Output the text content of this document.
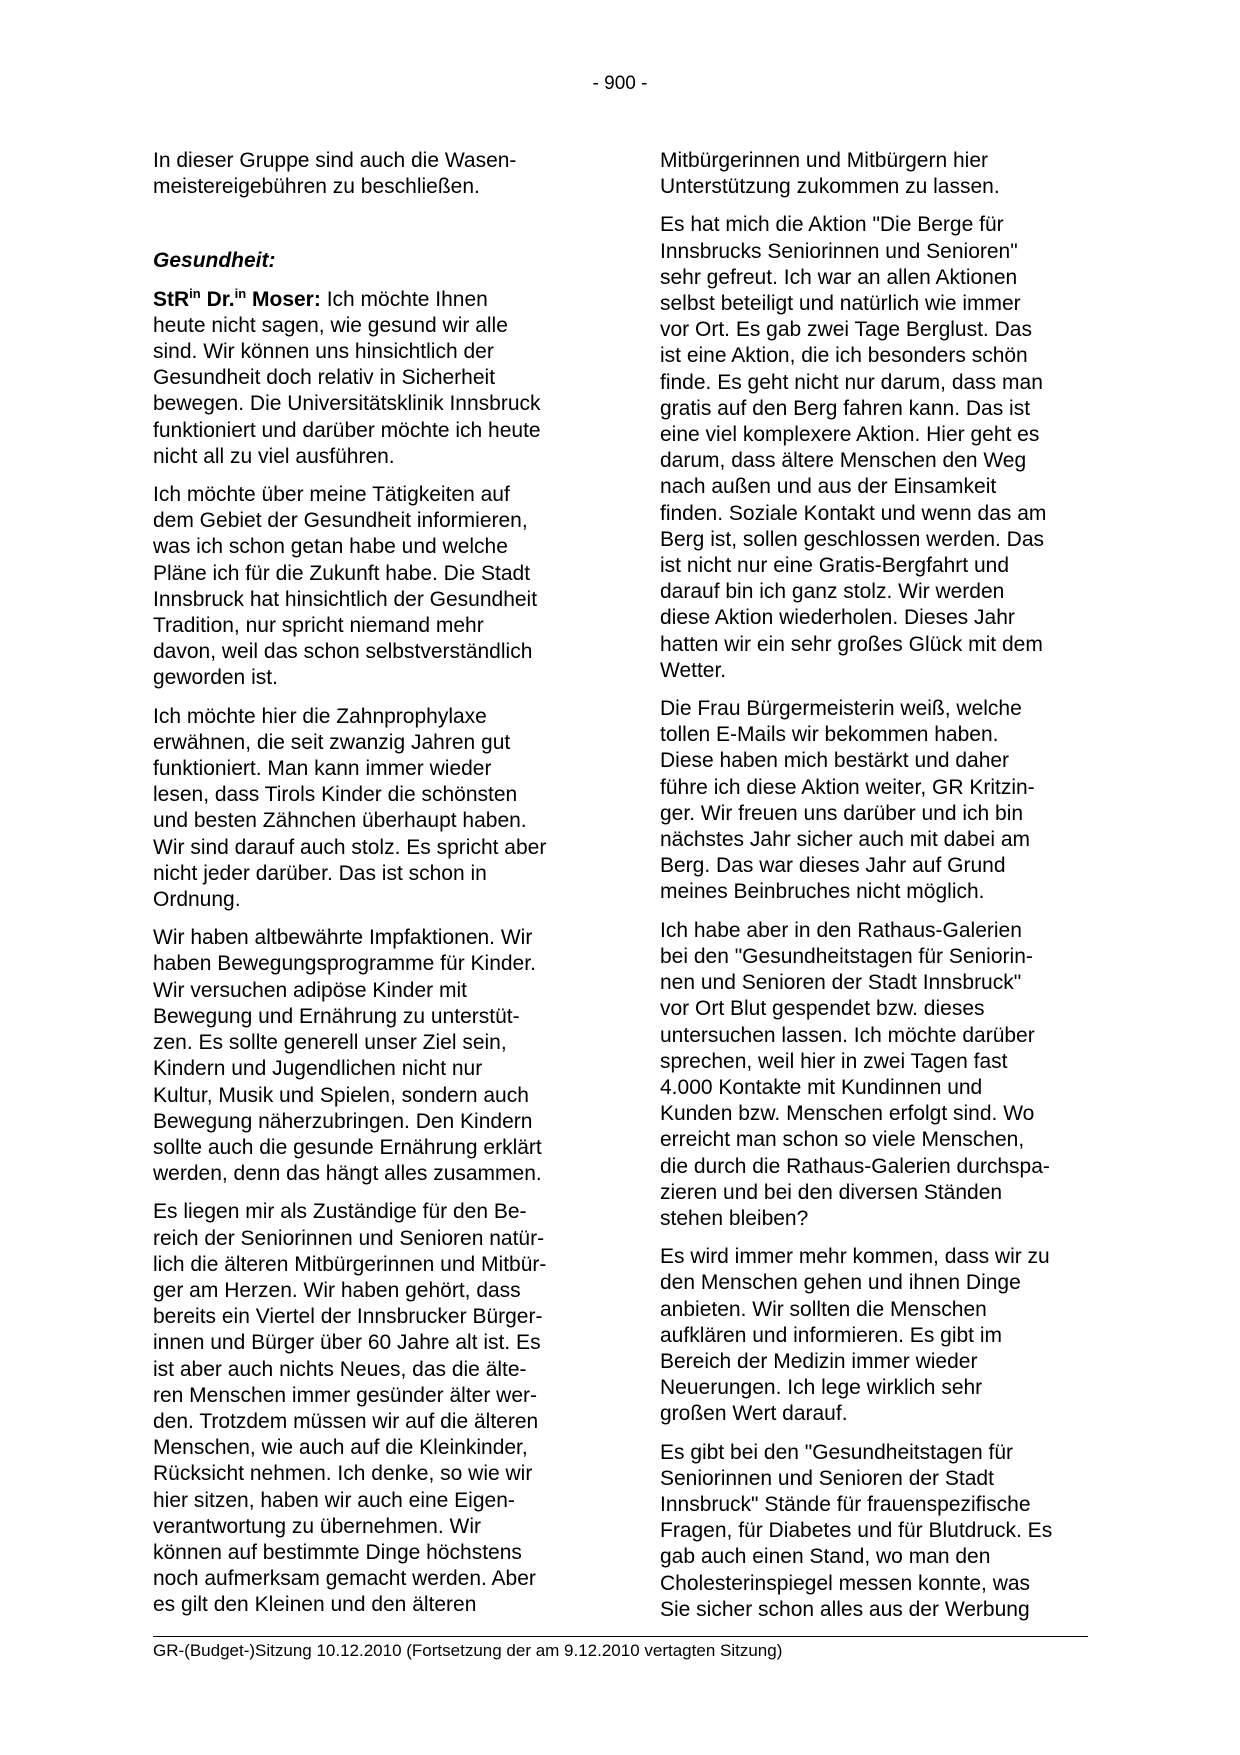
- 900 -

In dieser Gruppe sind auch die Wasen-
meistereigebühren zu beschließen.

Gesundheit:

StR$^{in}$ Dr.$^{in}$ Moser: Ich möchte Ihnen
heute nicht sagen, wie gesund wir alle
sind. Wir können uns hinsichtlich der
Gesundheit doch relativ in Sicherheit
bewegen. Die Universitätsklinik Innsbruck
funktioniert und darüber möchte ich heute
nicht all zu viel ausführen.

Ich möchte über meine Tätigkeiten auf
dem Gebiet der Gesundheit informieren,
was ich schon getan habe und welche
Pläne ich für die Zukunft habe. Die Stadt
Innsbruck hat hinsichtlich der Gesundheit
Tradition, nur spricht niemand mehr
davon, weil das schon selbstverständlich
geworden ist.

Ich möchte hier die Zahnprophylaxe
erwähnen, die seit zwanzig Jahren gut
funktioniert. Man kann immer wieder
lesen, dass Tirols Kinder die schönsten
und besten Zähnchen überhaupt haben.
Wir sind darauf auch stolz. Es spricht aber
nicht jeder darüber. Das ist schon in
Ordnung.

Wir haben altbewährte Impfaktionen. Wir
haben Bewegungsprogramme für Kinder.
Wir versuchen adipöse Kinder mit
Bewegung und Ernährung zu unterstüt-
zen. Es sollte generell unser Ziel sein,
Kindern und Jugendlichen nicht nur
Kultur, Musik und Spielen, sondern auch
Bewegung näherzubringen. Den Kindern
sollte auch die gesunde Ernährung erklärt
werden, denn das hängt alles zusammen.

Es liegen mir als Zuständige für den Be-
reich der Seniorinnen und Senioren natür-
lich die älteren Mitbürgerinnen und Mitbür-
ger am Herzen. Wir haben gehört, dass
bereits ein Viertel der Innsbrucker Bürger-
innen und Bürger über 60 Jahre alt ist. Es
ist aber auch nichts Neues, das die älte-
ren Menschen immer gesünder älter wer-
den. Trotzdem müssen wir auf die älteren
Menschen, wie auch auf die Kleinkinder,
Rücksicht nehmen. Ich denke, so wie wir
hier sitzen, haben wir auch eine Eigen-
verantwortung zu übernehmen. Wir
können auf bestimmte Dinge höchstens
noch aufmerksam gemacht werden. Aber
es gilt den Kleinen und den älteren

Mitbürgerinnen und Mitbürgern hier
Unterstützung zukommen zu lassen.

Es hat mich die Aktion "Die Berge für
Innsbrucks Seniorinnen und Senioren"
sehr gefreut. Ich war an allen Aktionen
selbst beteiligt und natürlich wie immer
vor Ort. Es gab zwei Tage Berglust. Das
ist eine Aktion, die ich besonders schön
finde. Es geht nicht nur darum, dass man
gratis auf den Berg fahren kann. Das ist
eine viel komplexere Aktion. Hier geht es
darum, dass ältere Menschen den Weg
nach außen und aus der Einsamkeit
finden. Soziale Kontakt und wenn das am
Berg ist, sollen geschlossen werden. Das
ist nicht nur eine Gratis-Bergfahrt und
darauf bin ich ganz stolz. Wir werden
diese Aktion wiederholen. Dieses Jahr
hatten wir ein sehr großes Glück mit dem
Wetter.

Die Frau Bürgermeisterin weiß, welche
tollen E-Mails wir bekommen haben.
Diese haben mich bestärkt und daher
führe ich diese Aktion weiter, GR Kritzin-
ger. Wir freuen uns darüber und ich bin
nächstes Jahr sicher auch mit dabei am
Berg. Das war dieses Jahr auf Grund
meines Beinbruches nicht möglich.

Ich habe aber in den Rathaus-Galerien
bei den "Gesundheitstagen für Seniorin-
nen und Senioren der Stadt Innsbruck"
vor Ort Blut gespendet bzw. dieses
untersuchen lassen. Ich möchte darüber
sprechen, weil hier in zwei Tagen fast
4.000 Kontakte mit Kundinnen und
Kunden bzw. Menschen erfolgt sind. Wo
erreicht man schon so viele Menschen,
die durch die Rathaus-Galerien durchspa-
zieren und bei den diversen Ständen
stehen bleiben?

Es wird immer mehr kommen, dass wir zu
den Menschen gehen und ihnen Dinge
anbieten. Wir sollten die Menschen
aufklären und informieren. Es gibt im
Bereich der Medizin immer wieder
Neuerungen. Ich lege wirklich sehr
großen Wert darauf.

Es gibt bei den "Gesundheitstagen für
Seniorinnen und Senioren der Stadt
Innsbruck" Stände für frauenspezifische
Fragen, für Diabetes und für Blutdruck. Es
gab auch einen Stand, wo man den
Cholesterinspiegel messen konnte, was
Sie sicher schon alles aus der Werbung

GR-(Budget-)Sitzung 10.12.2010 (Fortsetzung der am 9.12.2010 vertagten Sitzung)
